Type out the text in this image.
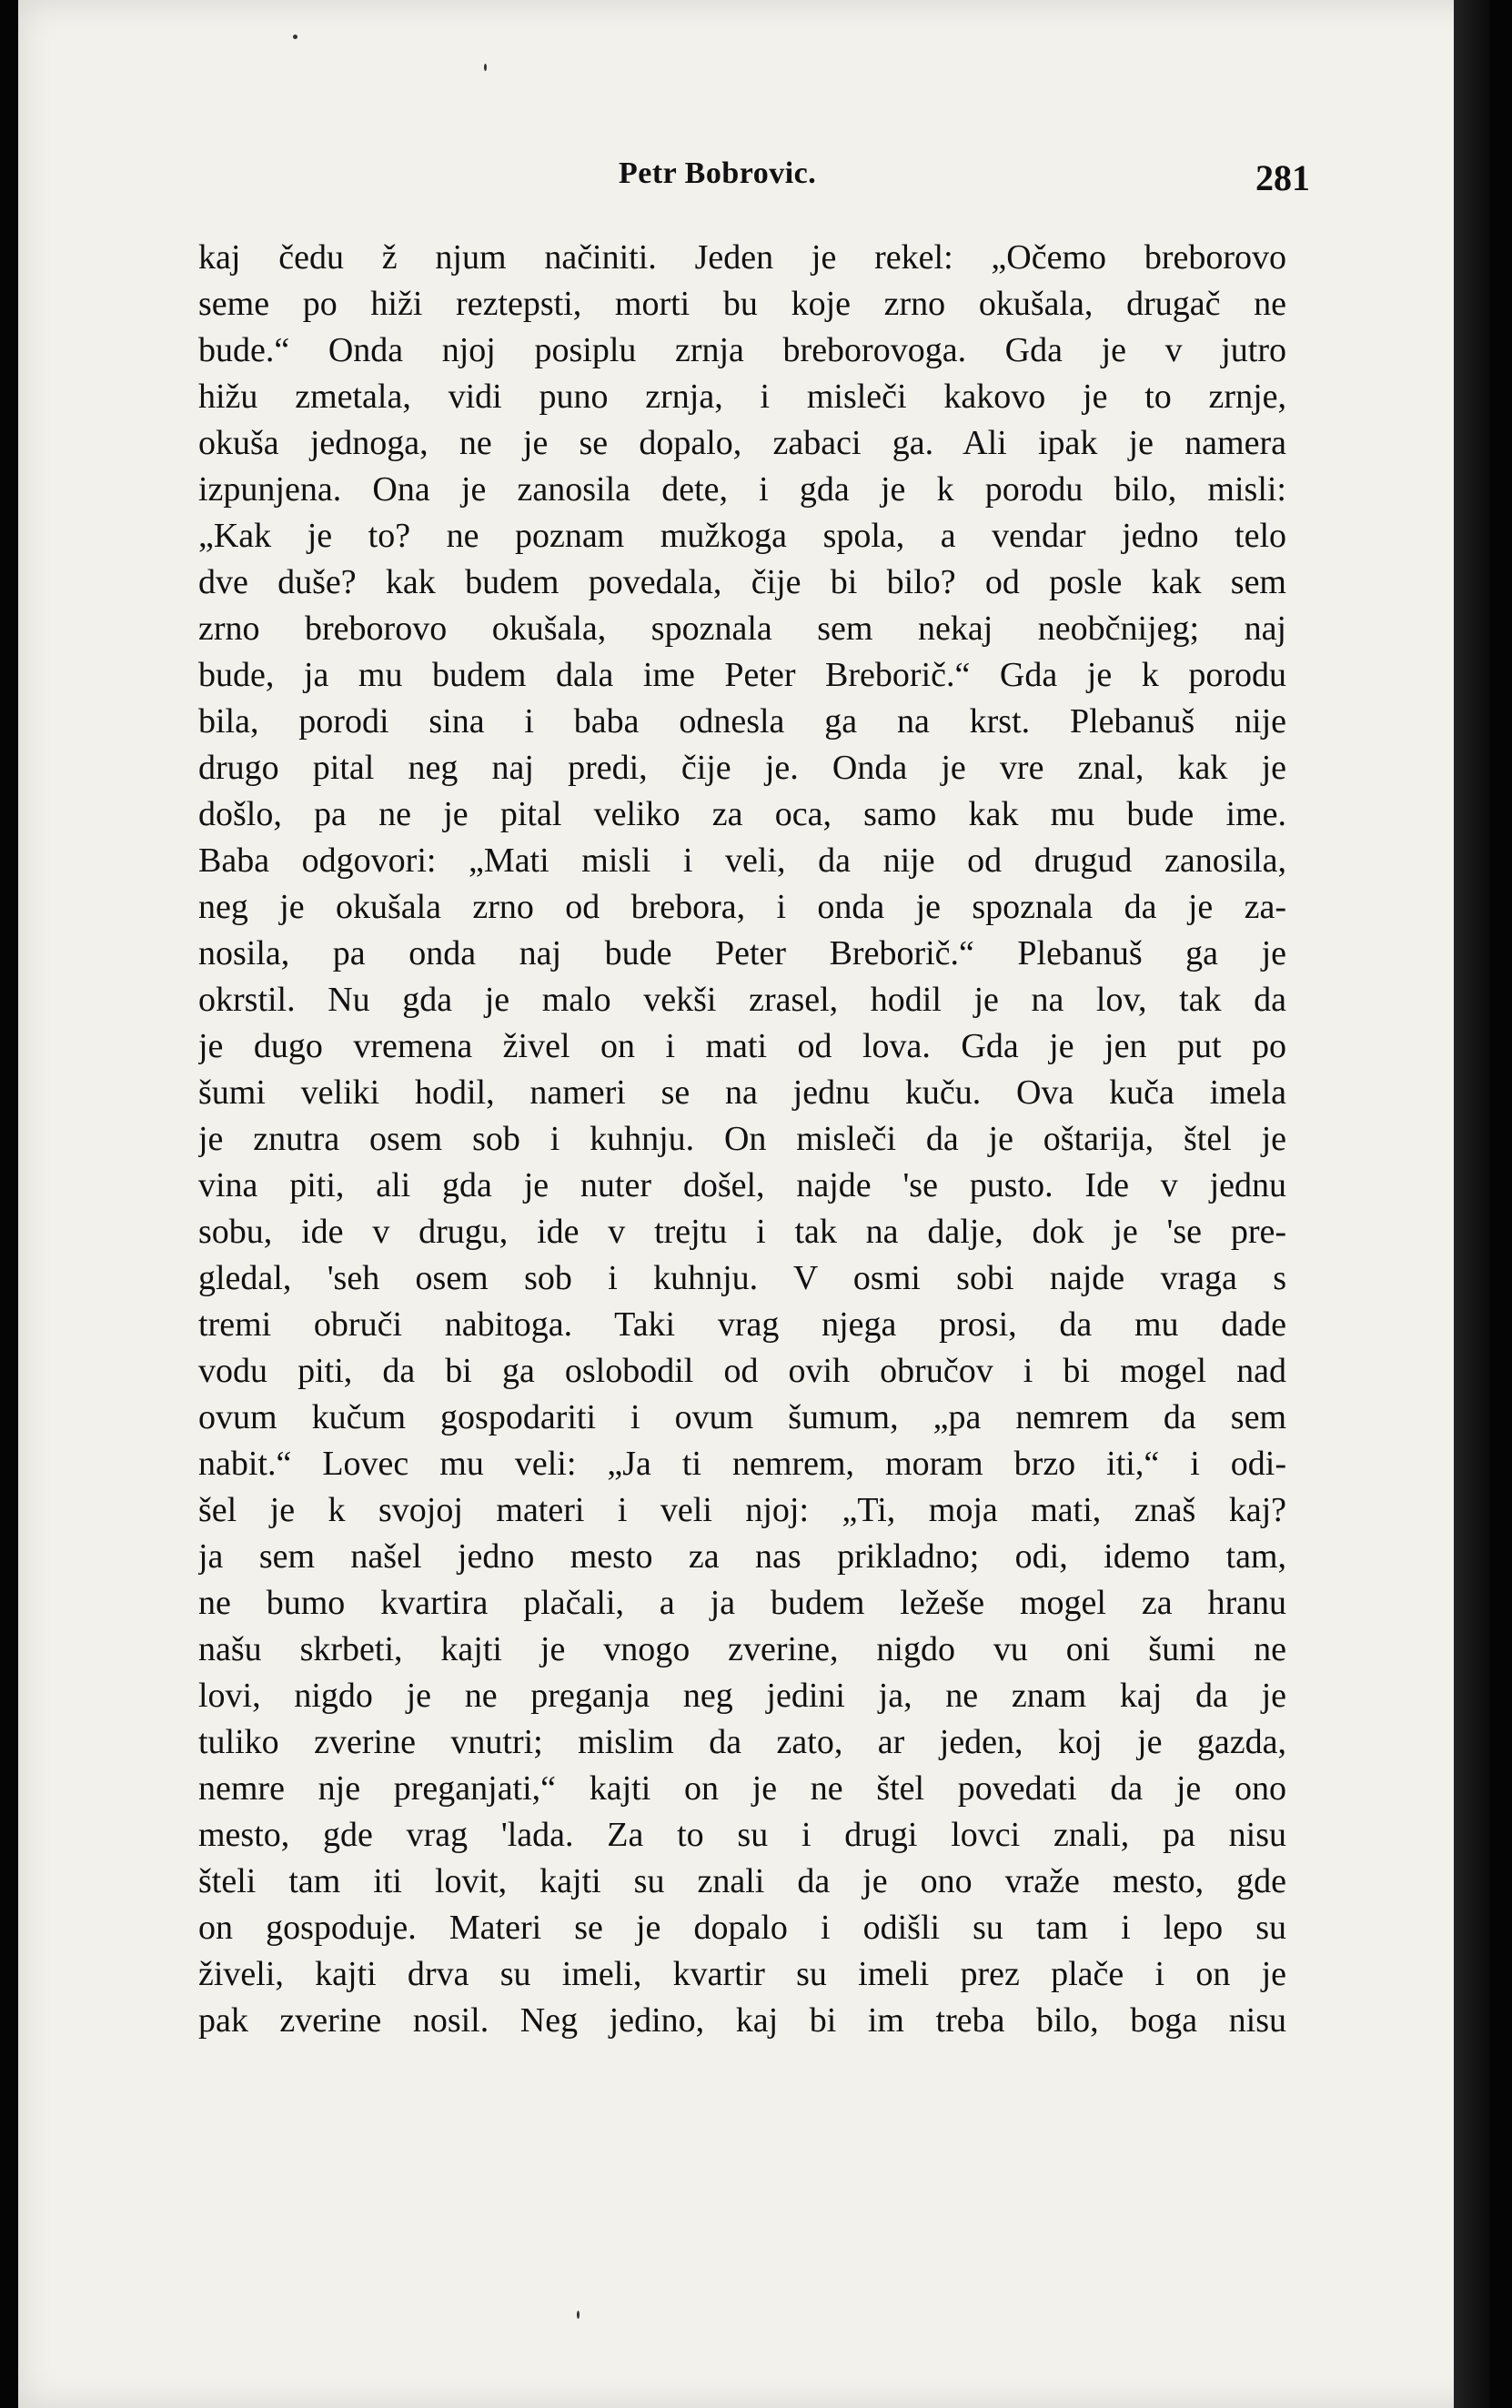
Petr Bobrovic.	281
kaj čedu ž njum načiniti. Jeden je rekel: „Očemo breborovo
seme po hiži reztepsti, morti bu koje zrno okušala, drugač ne
bude.“ Onda njoj posiplu zrnja breborovoga. Gda je v jutro
hižu zmetala, vidi puno zrnja, i misleči kakovo je to zrnje,
okuša jednoga, ne je se dopalo, zabaci ga. Ali ipak je namera
izpunjena. Ona je zanosila dete, i gda je k porodu bilo, misli:
„Kak je to? ne poznam mužkoga spola, a vendar jedno telo
dve duše? kak budem povedala, čije bi bilo? od posle kak sem
zrno breborovo okušala, spoznala sem nekaj neobčnijeg; naj
bude, ja mu budem dala ime Peter Breborič.“ Gda je k porodu
bila, porodi sina i baba odnesla ga na krst. Plebanuš nije
drugo pital neg naj predi, čije je. Onda je vre znal, kak je
došlo, pa ne je pital veliko za oca, samo kak mu bude ime.
Baba odgovori: „Mati misli i veli, da nije od drugud zanosila,
neg je okušala zrno od brebora, i onda je spoznala da je za-
nosila, pa onda naj bude Peter Breborič.“ Plebanuš ga je
okrstil. Nu gda je malo vekši zrasel, hodil je na lov, tak da
je dugo vremena živel on i mati od lova. Gda je jen put po
šumi veliki hodil, nameri se na jednu kuču. Ova kuča imela
je znutra osem sob i kuhnju. On misleči da je oštarija, štel je
vina piti, ali gda je nuter došel, najde 'se pusto. Ide v jednu
sobu, ide v drugu, ide v trejtu i tak na dalje, dok je 'se pre-
gledal, 'seh osem sob i kuhnju. V osmi sobi najde vraga s
tremi obruči nabitoga. Taki vrag njega prosi, da mu dade
vodu piti, da bi ga oslobodil od ovih obručov i bi mogel nad
ovum kučum gospodariti i ovum šumum, „pa nemrem da sem
nabit.“ Lovec mu veli: „Ja ti nemrem, moram brzo iti,“ i odi-
šel je k svojoj materi i veli njoj: „Ti, moja mati, znaš kaj?
ja sem našel jedno mesto za nas prikladno; odi, idemo tam,
ne bumo kvartira plačali, a ja budem ležeše mogel za hranu
našu skrbeti, kajti je vnogo zverine, nigdo vu oni šumi ne
lovi, nigdo je ne preganja neg jedini ja, ne znam kaj da je
tuliko zverine vnutri; mislim da zato, ar jeden, koj je gazda,
nemre nje preganjati,“ kajti on je ne štel povedati da je ono
mesto, gde vrag 'lada. Za to su i drugi lovci znali, pa nisu
šteli tam iti lovit, kajti su znali da je ono vraže mesto, gde
on gospoduje. Materi se je dopalo i odišli su tam i lepo su
živeli, kajti drva su imeli, kvartir su imeli prez plače i on je
pak zverine nosil. Neg jedino, kaj bi im treba bilo, boga nisu
